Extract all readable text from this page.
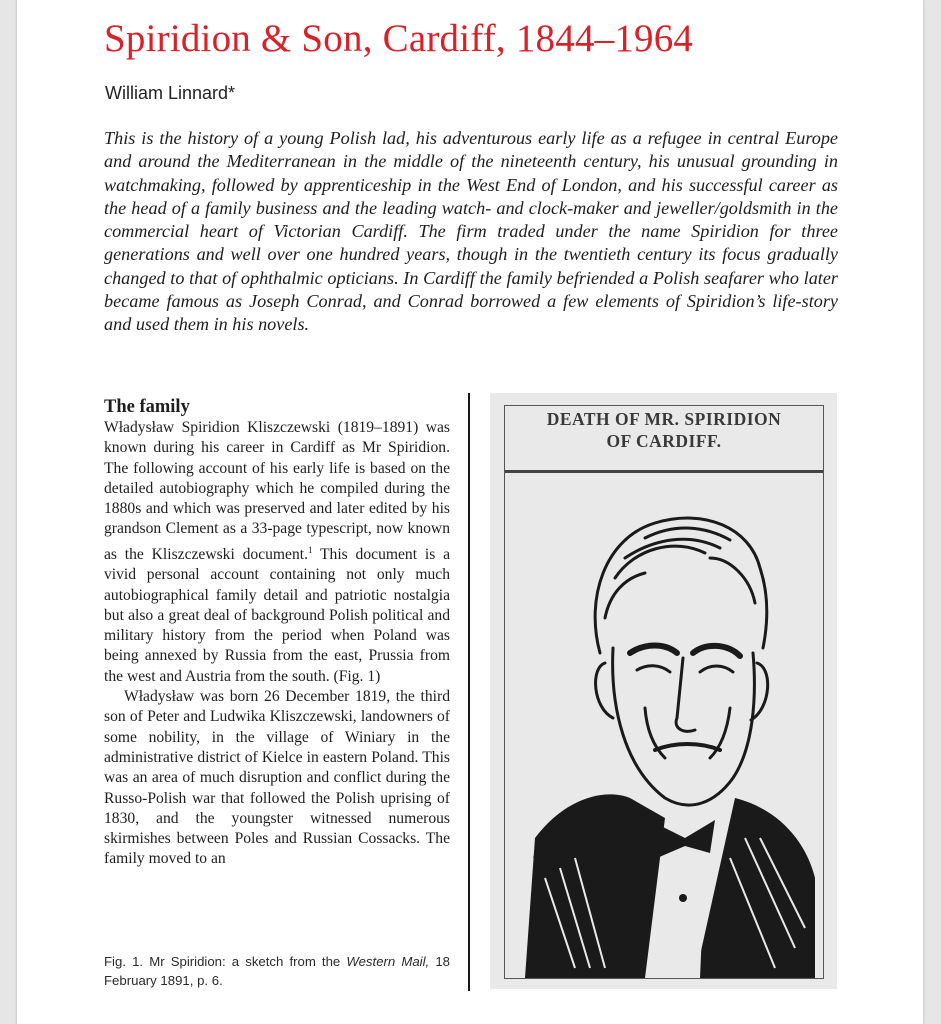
Spiridion & Son, Cardiff, 1844–1964
William Linnard*

This is the history of a young Polish lad, his adventurous early life as a refugee in central Europe and around the Mediterranean in the middle of the nineteenth century, his unusual grounding in watchmaking, followed by apprenticeship in the West End of London, and his successful career as the head of a family business and the leading watch- and clock-maker and jeweller/goldsmith in the commercial heart of Victorian Cardiff. The firm traded under the name Spiridion for three generations and well over one hundred years, though in the twentieth century its focus gradually changed to that of ophthalmic opticians. In Cardiff the family befriended a Polish seafarer who later became famous as Joseph Conrad, and Conrad borrowed a few elements of Spiridion’s life-story and used them in his novels.

The family

Władysław Spiridion Kliszczewski (1819–1891) was known during his career in Cardiff as Mr Spiridion. The following account of his early life is based on the detailed autobiography which he compiled during the 1880s and which was preserved and later edited by his grandson Clement as a 33-page typescript, now known as the Kliszczewski document.$^1$ This document is a vivid personal account containing not only much autobiographical family detail and patriotic nostalgia but also a great deal of background Polish political and military history from the period when Poland was being annexed by Russia from the east, Prussia from the west and Austria from the south. (Fig. 1)

Władysław was born 26 December 1819, the third son of Peter and Ludwika Kliszczewski, landowners of some nobility, in the village of Winiary in the administrative district of Kielce in eastern Poland. This was an area of much disruption and conflict during the Russo-Polish war that followed the Polish uprising of 1830, and the youngster witnessed numerous skirmishes between Poles and Russian Cossacks. The family moved to an

Fig. 1. Mr Spiridion: a sketch from the Western Mail, 18 February 1891, p. 6.
DEATH OF MR. SPIRIDION
OF CARDIFF.
JMS
